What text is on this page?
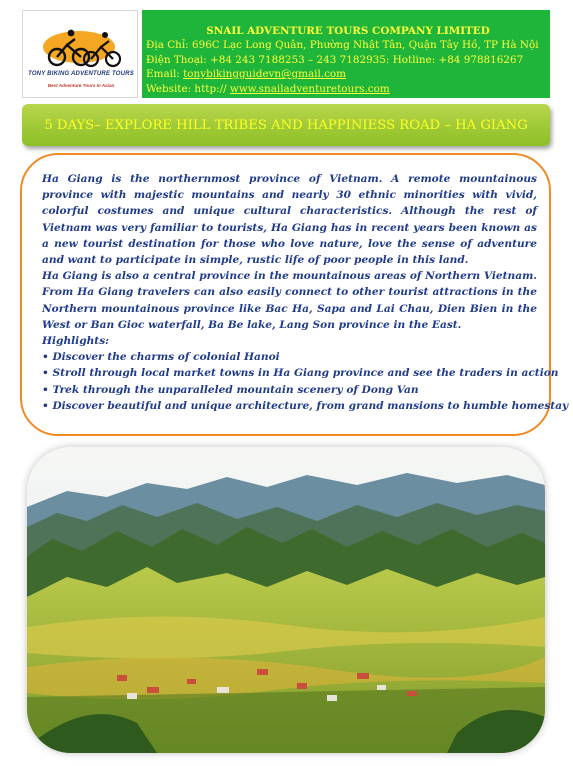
TONY BIKING ADVENTURE TOURS
Best Adventure Tours In Asian
SNAIL ADVENTURE TOURS COMPANY LIMITED
Địa Chỉ: 696C Lạc Long Quân, Phường Nhật Tân, Quận Tây Hồ, TP Hà Nội
Điện Thoại: +84 243 7188253 – 243 7182935: Hotline: +84 978816267
Email: tonybikingguidevn@gmail.com
Website: http:// www.snailadventuretours.com
5 DAYS– EXPLORE HILL TRIBES AND HAPPINIESS ROAD – HA GIANG

Ha Giang is the northernmost province of Vietnam. A remote mountainous province with majestic mountains and nearly 30 ethnic minorities with vivid, colorful costumes and unique cultural characteristics. Although the rest of Vietnam was very familiar to tourists, Ha Giang has in recent years been known as a new tourist destination for those who love nature, love the sense of adventure and want to participate in simple, rustic life of poor people in this land.

Ha Giang is also a central province in the mountainous areas of Northern Vietnam. From Ha Giang travelers can also easily connect to other tourist attractions in the Northern mountainous province like Bac Ha, Sapa and Lai Chau, Dien Bien in the West or Ban Gioc waterfall, Ba Be lake, Lang Son province in the East.

Highlights:
• Discover the charms of colonial Hanoi
• Stroll through local market towns in Ha Giang province and see the traders in action
• Trek through the unparalleled mountain scenery of Dong Van
• Discover beautiful and unique architecture, from grand mansions to humble homestay
